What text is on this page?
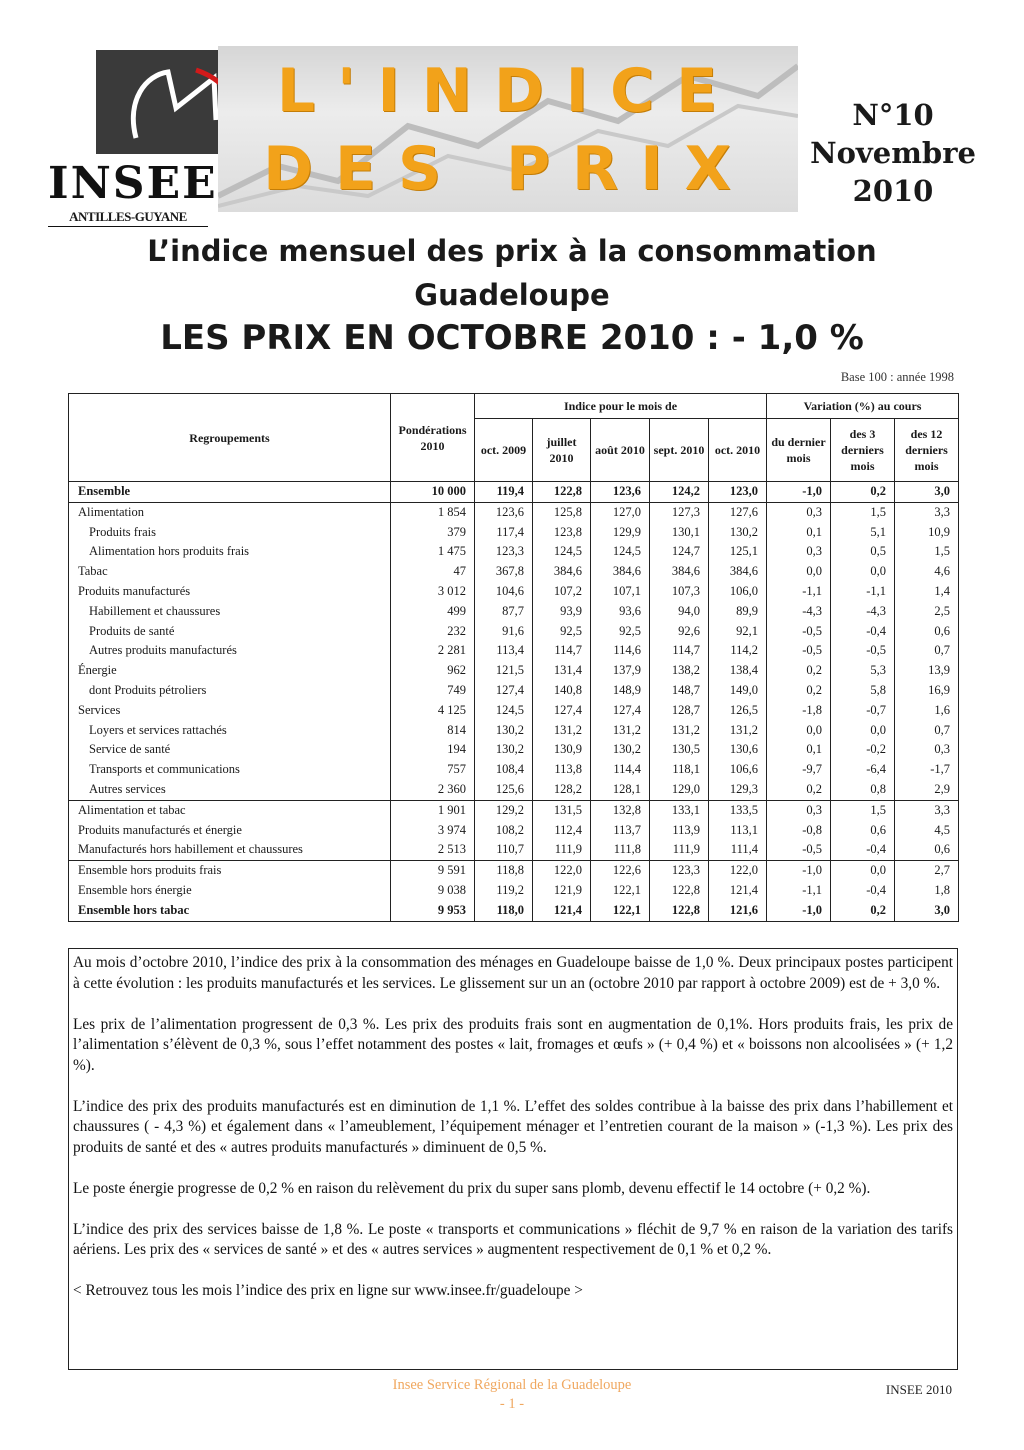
INSEE
ANTILLES-GUYANE
L'INDICE
DES PRIX
N°10
Novembre
2010
L’indice mensuel des prix à la consommation
Guadeloupe
LES PRIX EN OCTOBRE 2010 : - 1,0 %
Base 100 : année 1998
Regroupements	Pondérations 2010	Indice pour le mois de					Variation (%) au cours		
		oct. 2009	juillet 2010	août 2010	sept. 2010	oct. 2010	du dernier mois	des 3 derniers mois	des 12 derniers mois
Ensemble	10 000	119,4	122,8	123,6	124,2	123,0	-1,0	0,2	3,0
Alimentation	1 854	123,6	125,8	127,0	127,3	127,6	0,3	1,5	3,3
Produits frais	379	117,4	123,8	129,9	130,1	130,2	0,1	5,1	10,9
Alimentation hors produits frais	1 475	123,3	124,5	124,5	124,7	125,1	0,3	0,5	1,5
Tabac	47	367,8	384,6	384,6	384,6	384,6	0,0	0,0	4,6
Produits manufacturés	3 012	104,6	107,2	107,1	107,3	106,0	-1,1	-1,1	1,4
Habillement et chaussures	499	87,7	93,9	93,6	94,0	89,9	-4,3	-4,3	2,5
Produits de santé	232	91,6	92,5	92,5	92,6	92,1	-0,5	-0,4	0,6
Autres produits manufacturés	2 281	113,4	114,7	114,6	114,7	114,2	-0,5	-0,5	0,7
Énergie	962	121,5	131,4	137,9	138,2	138,4	0,2	5,3	13,9
dont Produits pétroliers	749	127,4	140,8	148,9	148,7	149,0	0,2	5,8	16,9
Services	4 125	124,5	127,4	127,4	128,7	126,5	-1,8	-0,7	1,6
Loyers et services rattachés	814	130,2	131,2	131,2	131,2	131,2	0,0	0,0	0,7
Service de santé	194	130,2	130,9	130,2	130,5	130,6	0,1	-0,2	0,3
Transports et communications	757	108,4	113,8	114,4	118,1	106,6	-9,7	-6,4	-1,7
Autres services	2 360	125,6	128,2	128,1	129,0	129,3	0,2	0,8	2,9
Alimentation et tabac	1 901	129,2	131,5	132,8	133,1	133,5	0,3	1,5	3,3
Produits manufacturés et énergie	3 974	108,2	112,4	113,7	113,9	113,1	-0,8	0,6	4,5
Manufacturés hors habillement et chaussures	2 513	110,7	111,9	111,8	111,9	111,4	-0,5	-0,4	0,6
Ensemble hors produits frais	9 591	118,8	122,0	122,6	123,3	122,0	-1,0	0,0	2,7
Ensemble hors énergie	9 038	119,2	121,9	122,1	122,8	121,4	-1,1	-0,4	1,8
Ensemble hors tabac	9 953	118,0	121,4	122,1	122,8	121,6	-1,0	0,2	3,0

Au mois d’octobre 2010, l’indice des prix à la consommation des ménages en Guadeloupe baisse de 1,0 %. Deux principaux postes participent à cette évolution : les produits manufacturés et les services. Le glissement sur un an (octobre 2010 par rapport à octobre 2009) est de + 3,0 %.

Les prix de l’alimentation progressent de 0,3 %. Les prix des produits frais sont en augmentation de 0,1%. Hors produits frais, les prix de l’alimentation s’élèvent de 0,3 %, sous l’effet notamment des postes « lait, fromages et œufs » (+ 0,4 %) et « boissons non alcoolisées » (+ 1,2 %).

L’indice des prix des produits manufacturés est en diminution de 1,1 %. L’effet des soldes contribue à la baisse des prix dans l’habillement et chaussures ( - 4,3 %) et également dans « l’ameublement, l’équipement ménager et l’entretien courant de la maison » (-1,3 %). Les prix des produits de santé et des « autres produits manufacturés » diminuent de 0,5 %.

Le poste énergie progresse de 0,2 % en raison du relèvement du prix du super sans plomb, devenu effectif le 14 octobre (+ 0,2 %).

L’indice des prix des services baisse de 1,8 %. Le poste « transports et communications » fléchit de 9,7 % en raison de la variation des tarifs aériens. Les prix des « services de santé » et des « autres services » augmentent respectivement de 0,1 % et 0,2 %.

< Retrouvez tous les mois l’indice des prix en ligne sur www.insee.fr/guadeloupe >

Insee Service Régional de la Guadeloupe
- 1 -
INSEE 2010
